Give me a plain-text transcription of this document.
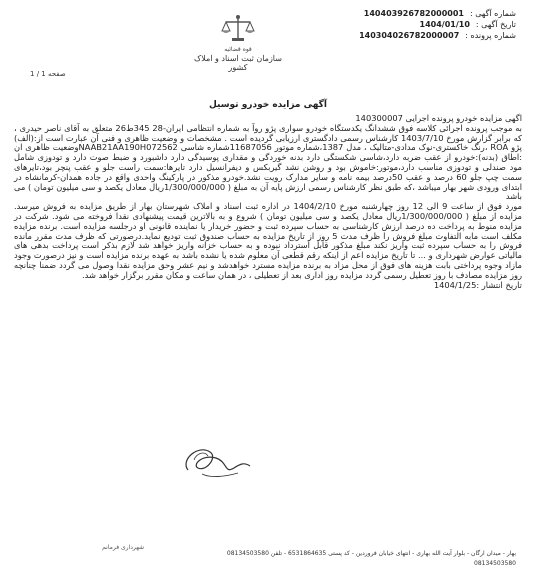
شماره آگهی :
140403926782000001
تاریخ آگهی :
1404/01/10
شماره پرونده :
140304026782000007
قوه قضائیه
سازمان ثبت اسناد و املاک کشور
صفحه 1 / 1
آگهی مزایده خودرو توسیل

اگهی مزایده خودرو پرونده اجرایی 140300007

به موجب پرونده اجرائی کلاسه فوق ششدانگ یکدستگاه خودرو سواری پژو روآ به شماره انتظامی ایران-28 345ط26 متعلق به آقای ناصر حیدری ، که برابر گزارش مورخ 1403/7/10 کارشناس رسمی دادگستری ارزیابی گردیده است . مشخصات و وضعیت ظاهری و فنی آن عبارت است از:(الف) پژو ROA ،رنگ خاکستری-نوک مدادی-متالیک ، مدل 1387،شماره موتور 11687056شماره شاسی NAAB21AA190H072562وضعیت ظاهری ان :اطاق (بدنه):خودرو از عقب ضربه دارد،شاسی شکستگی دارد بدنه خوردگی و مقداری پوسیدگی دارد داشبورد و ضبط صوت دارد و تودوزی شامل مود صندلی و تودوزی مناسب دارد،موتور:خاموش بود و روشن نشد گیربکس و دیفرانسیل دارد تایرها:سمت راست جلو و عقب پنچر بود،تایرهای سمت چپ جلو 60 درصد و عقب 50درصد بیمه نامه و سایر مدارک رویت نشد.خودرو مذکور در پارکینگ واحدی واقع در جاده همدان-کرمانشاه در ابتدای ورودی شهر بهار میباشد ،که طبق نظر کارشناس رسمی ارزش پایه آن به مبلغ ( 1/300/000/000ریال معادل یکصد و سی میلیون تومان ) می باشد

مورد فوق از ساعت 9 الی 12 روز چهارشنبه مورخ 1404/2/10 در اداره ثبت اسناد و املاک شهرستان بهار از طریق مزایده به فروش میرسد. مزایده از مبلغ ( 1/300/000/000ریال معادل یکصد و سی میلیون تومان ) شروع و به بالاترین قیمت پیشنهادی نقدا فروخته می شود. شرکت در مزایده منوط به پرداخت ده درصد ارزش کارشناسی به حساب سپرده ثبت و حضور خریدار یا نماینده قانونی او درجلسه مزایده است. برنده مزایده مکلف است مابه التفاوت مبلغ فروش را ظرف مدت 5 روز از تاریخ مزایده به حساب صندوق ثبت تودیع نماید.درصورتی که ظرف مدت مقرر مانده فروش را به حساب سپرده ثبت واریز نکند مبلغ مذکور قابل استرداد نبوده و به حساب خزانه واریز خواهد شد لازم بذکر است پرداخت بدهی های مالیاتی عوارض شهرداری و ... تا تاریخ مزایده اعم از اینکه رقم قطعی آن معلوم شده یا نشده باشد به عهده برنده مزایده است و نیز درصورت وجود مازاد وجوه پرداختی بابت هزینه های فوق از محل مزاد به برنده مزایده مسترد خواهدشد و نیم عشر وحق مزایده نقدا وصول می گردد ضمنا چنانچه روز مزایده مصادف با روز تعطیل رسمی گردد مزایده روز اداری بعد از تعطیلی ، در همان ساعت و مکان مقرر برگزار خواهد شد.

تاریخ انتشار :1404/1/25

شهرداری فرمانم
بهار - میدان ارگان - بلوار آیت الله بهاری - انتهای خیابان فروردین - کد پستی 6531864635 - تلفن 08134503580
08134503580
